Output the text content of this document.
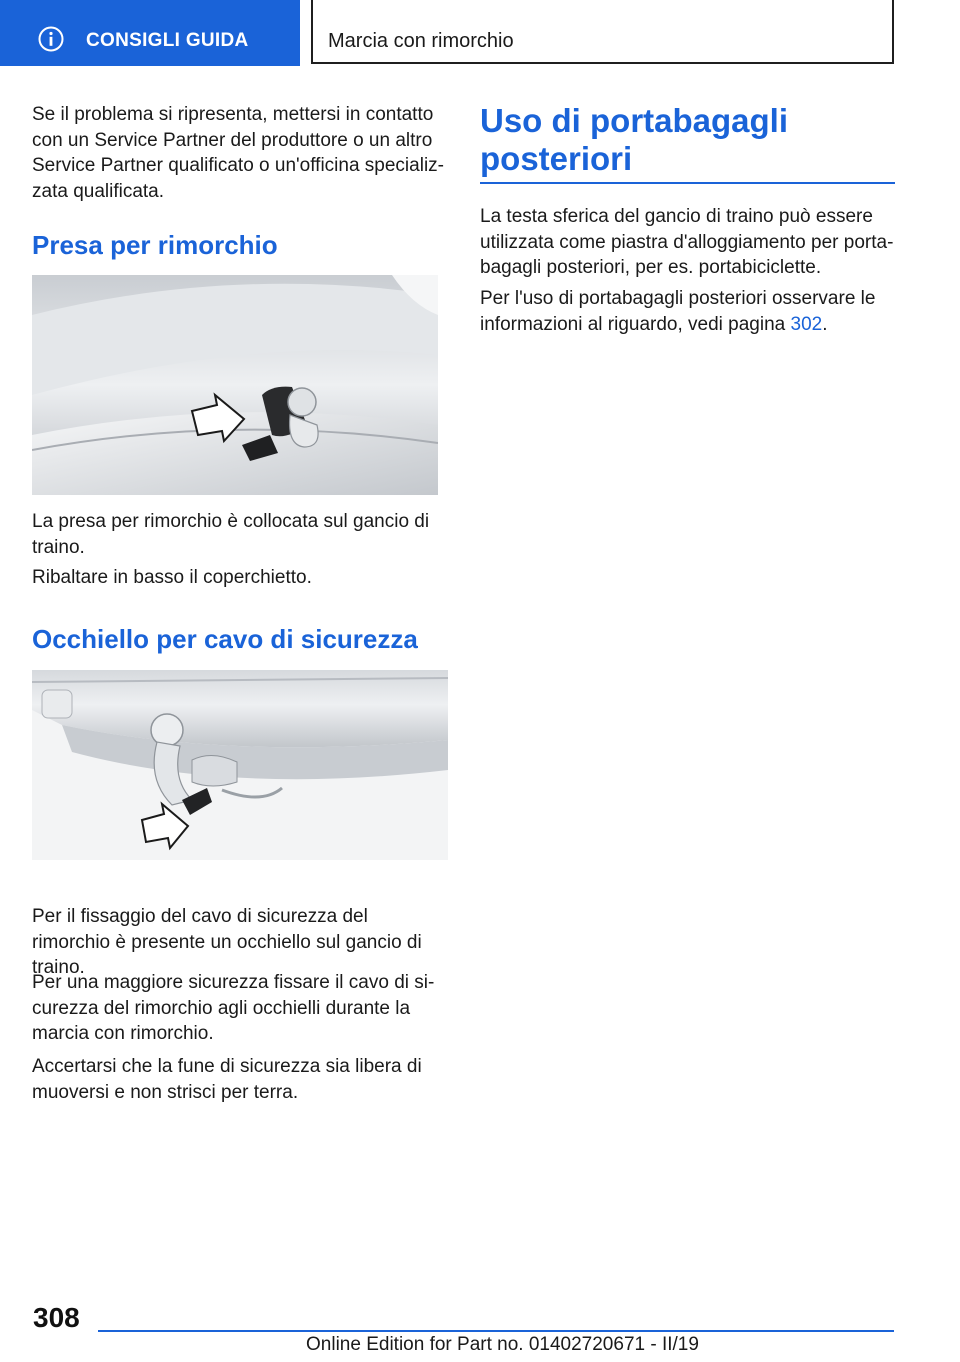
CONSIGLI GUIDA	Marcia con rimorchio

Se il problema si ripresenta, mettersi in contatto con un Service Partner del produttore o un altro Service Partner qualificato o un'officina specializzata qualificata.

Presa per rimorchio

La presa per rimorchio è collocata sul gancio di traino.

Ribaltare in basso il coperchietto.

Occhiello per cavo di sicurezza

Per il fissaggio del cavo di sicurezza del rimorchio è presente un occhiello sul gancio di traino.

Per una maggiore sicurezza fissare il cavo di sicurezza del rimorchio agli occhielli durante la marcia con rimorchio.

Accertarsi che la fune di sicurezza sia libera di muoversi e non strisci per terra.

Uso di portabagagli posteriori

La testa sferica del gancio di traino può essere utilizzata come piastra d'alloggiamento per portabagagli posteriori, per es. portabiciclette.

Per l'uso di portabagagli posteriori osservare le informazioni al riguardo, vedi pagina 302.

308
Online Edition for Part no. 01402720671 - II/19
